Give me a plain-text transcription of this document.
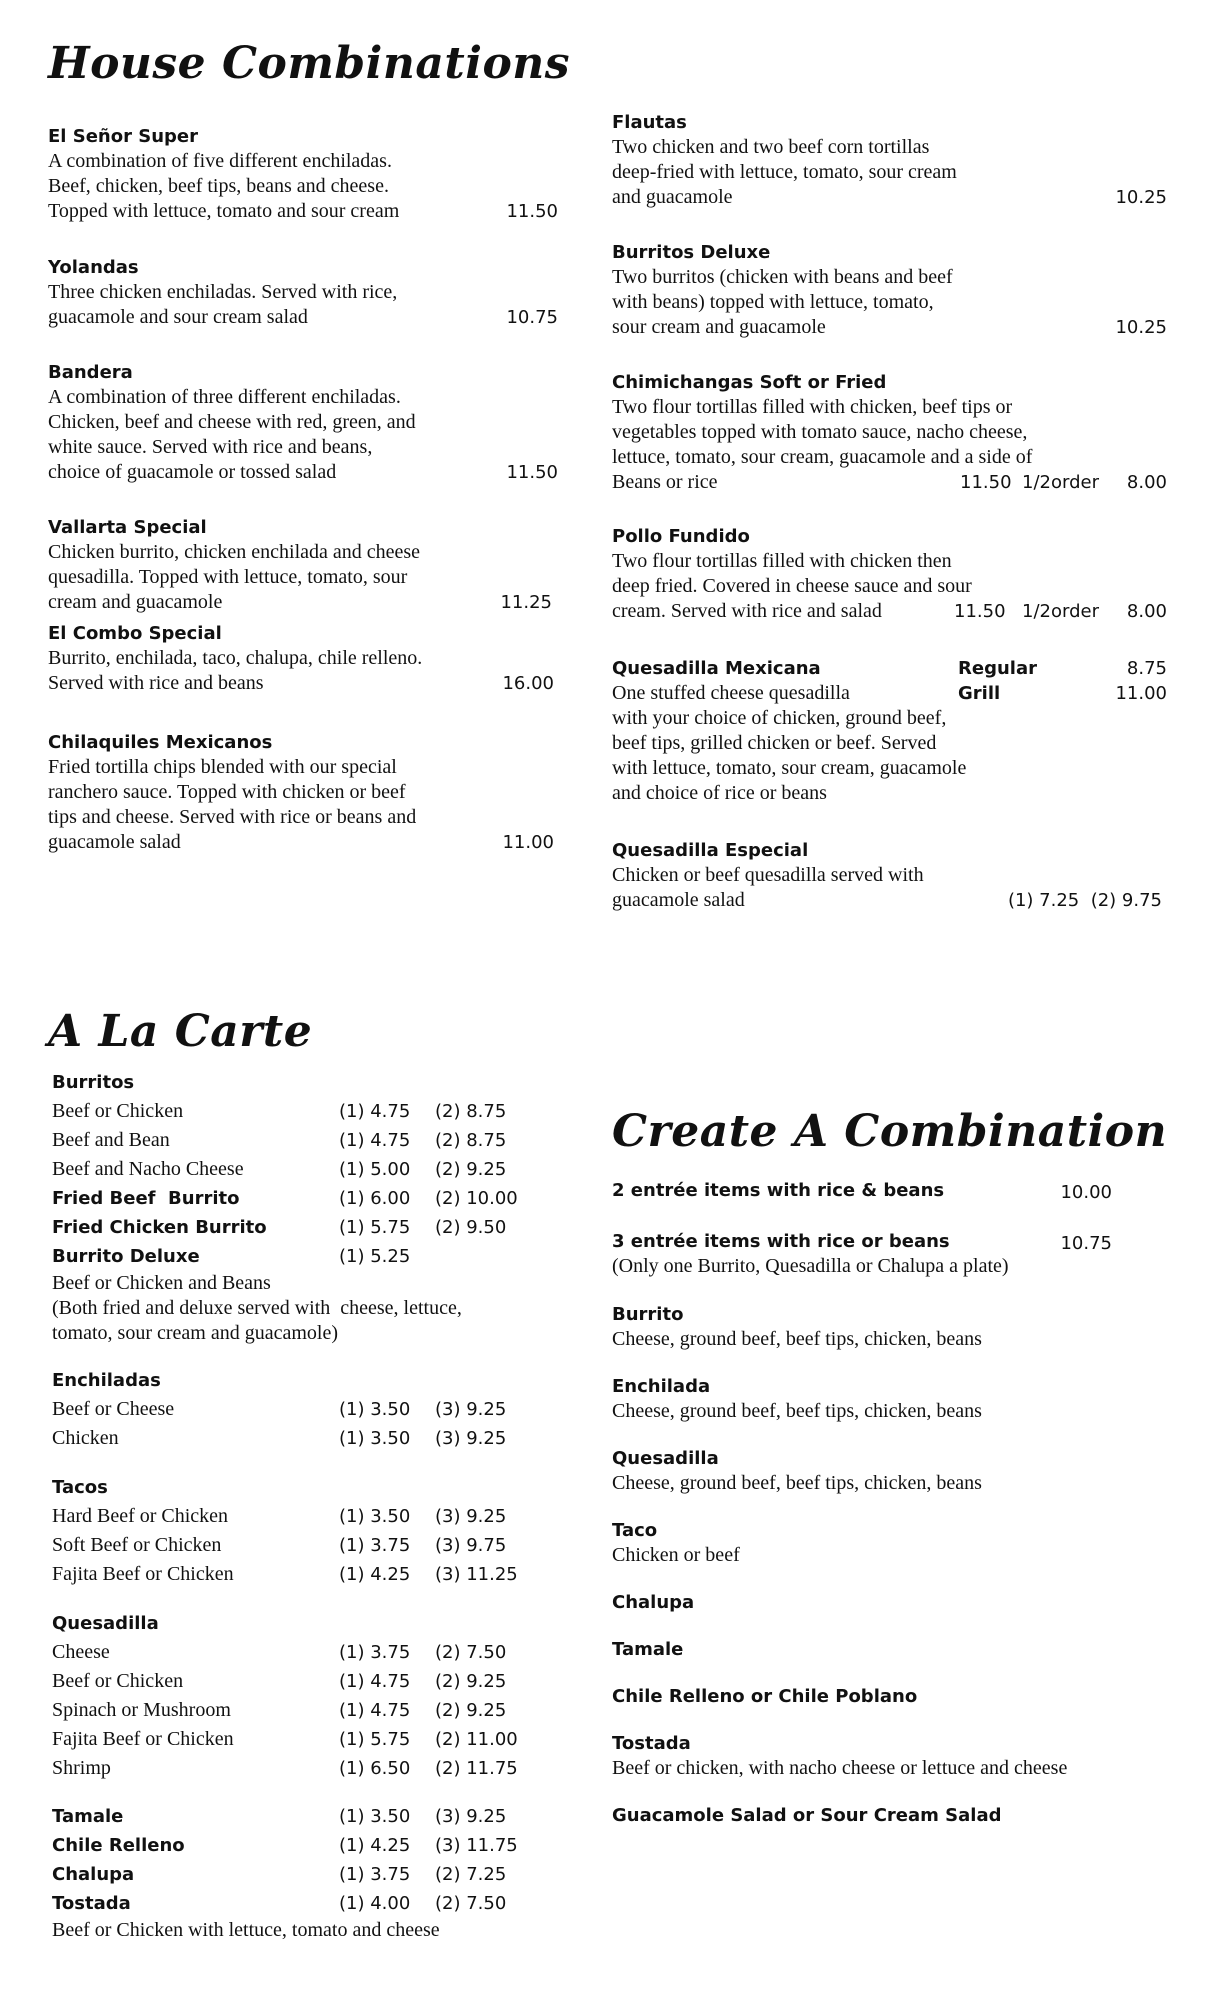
House Combinations
El Señor Super
A combination of five different enchiladas.
Beef, chicken, beef tips, beans and cheese.
Topped with lettuce, tomato and sour cream	11.50
Yolandas
Three chicken enchiladas. Served with rice,
guacamole and sour cream salad	10.75
Bandera
A combination of three different enchiladas.
Chicken, beef and cheese with red, green, and
white sauce. Served with rice and beans,
choice of guacamole or tossed salad	11.50
Vallarta Special
Chicken burrito, chicken enchilada and cheese
quesadilla. Topped with lettuce, tomato, sour
cream and guacamole	11.25
El Combo Special
Burrito, enchilada, taco, chalupa, chile relleno.
Served with rice and beans	16.00
Chilaquiles Mexicanos
Fried tortilla chips blended with our special
ranchero sauce. Topped with chicken or beef
tips and cheese. Served with rice or beans and
guacamole salad	11.00
Flautas
Two chicken and two beef corn tortillas
deep-fried with lettuce, tomato, sour cream
and guacamole	10.25
Burritos Deluxe
Two burritos (chicken with beans and beef
with beans) topped with lettuce, tomato,
sour cream and guacamole	10.25
Chimichangas Soft or Fried
Two flour tortillas filled with chicken, beef tips or
vegetables topped with tomato sauce, nacho cheese,
lettuce, tomato, sour cream, guacamole and a side of
Beans or rice	11.50 1/2order 8.00
Pollo Fundido
Two flour tortillas filled with chicken then
deep fried. Covered in cheese sauce and sour
cream. Served with rice and salad	11.50 1/2order 8.00
Quesadilla Mexicana	Regular	8.75
One stuffed cheese quesadilla	Grill	11.00
with your choice of chicken, ground beef,
beef tips, grilled chicken or beef. Served
with lettuce, tomato, sour cream, guacamole
and choice of rice or beans
Quesadilla Especial
Chicken or beef quesadilla served with
guacamole salad	(1) 7.25  (2) 9.75
A La Carte
Burritos
Beef or Chicken	(1) 4.75 (2) 8.75
Beef and Bean	(1) 4.75 (2) 8.75
Beef and Nacho Cheese	(1) 5.00 (2) 9.25
Fried Beef  Burrito	(1) 6.00 (2) 10.00
Fried Chicken Burrito	(1) 5.75 (2) 9.50
Burrito Deluxe	(1) 5.25
Beef or Chicken and Beans
(Both fried and deluxe served with  cheese, lettuce,
tomato, sour cream and guacamole)
Enchiladas
Beef or Cheese	(1) 3.50 (3) 9.25
Chicken	(1) 3.50 (3) 9.25
Tacos
Hard Beef or Chicken	(1) 3.50 (3) 9.25
Soft Beef or Chicken	(1) 3.75 (3) 9.75
Fajita Beef or Chicken	(1) 4.25 (3) 11.25
Quesadilla
Cheese	(1) 3.75 (2) 7.50
Beef or Chicken	(1) 4.75 (2) 9.25
Spinach or Mushroom	(1) 4.75 (2) 9.25
Fajita Beef or Chicken	(1) 5.75 (2) 11.00
Shrimp	(1) 6.50 (2) 11.75
Tamale	(1) 3.50 (3) 9.25
Chile Relleno	(1) 4.25 (3) 11.75
Chalupa	(1) 3.75 (2) 7.25
Tostada	(1) 4.00 (2) 7.50
Beef or Chicken with lettuce, tomato and cheese
Create A Combination
2 entrée items with rice & beans	10.00
3 entrée items with rice or beans	10.75
(Only one Burrito, Quesadilla or Chalupa a plate)
Burrito
Cheese, ground beef, beef tips, chicken, beans
Enchilada
Cheese, ground beef, beef tips, chicken, beans
Quesadilla
Cheese, ground beef, beef tips, chicken, beans
Taco
Chicken or beef
Chalupa
Tamale
Chile Relleno or Chile Poblano
Tostada
Beef or chicken, with nacho cheese or lettuce and cheese
Guacamole Salad or Sour Cream Salad
